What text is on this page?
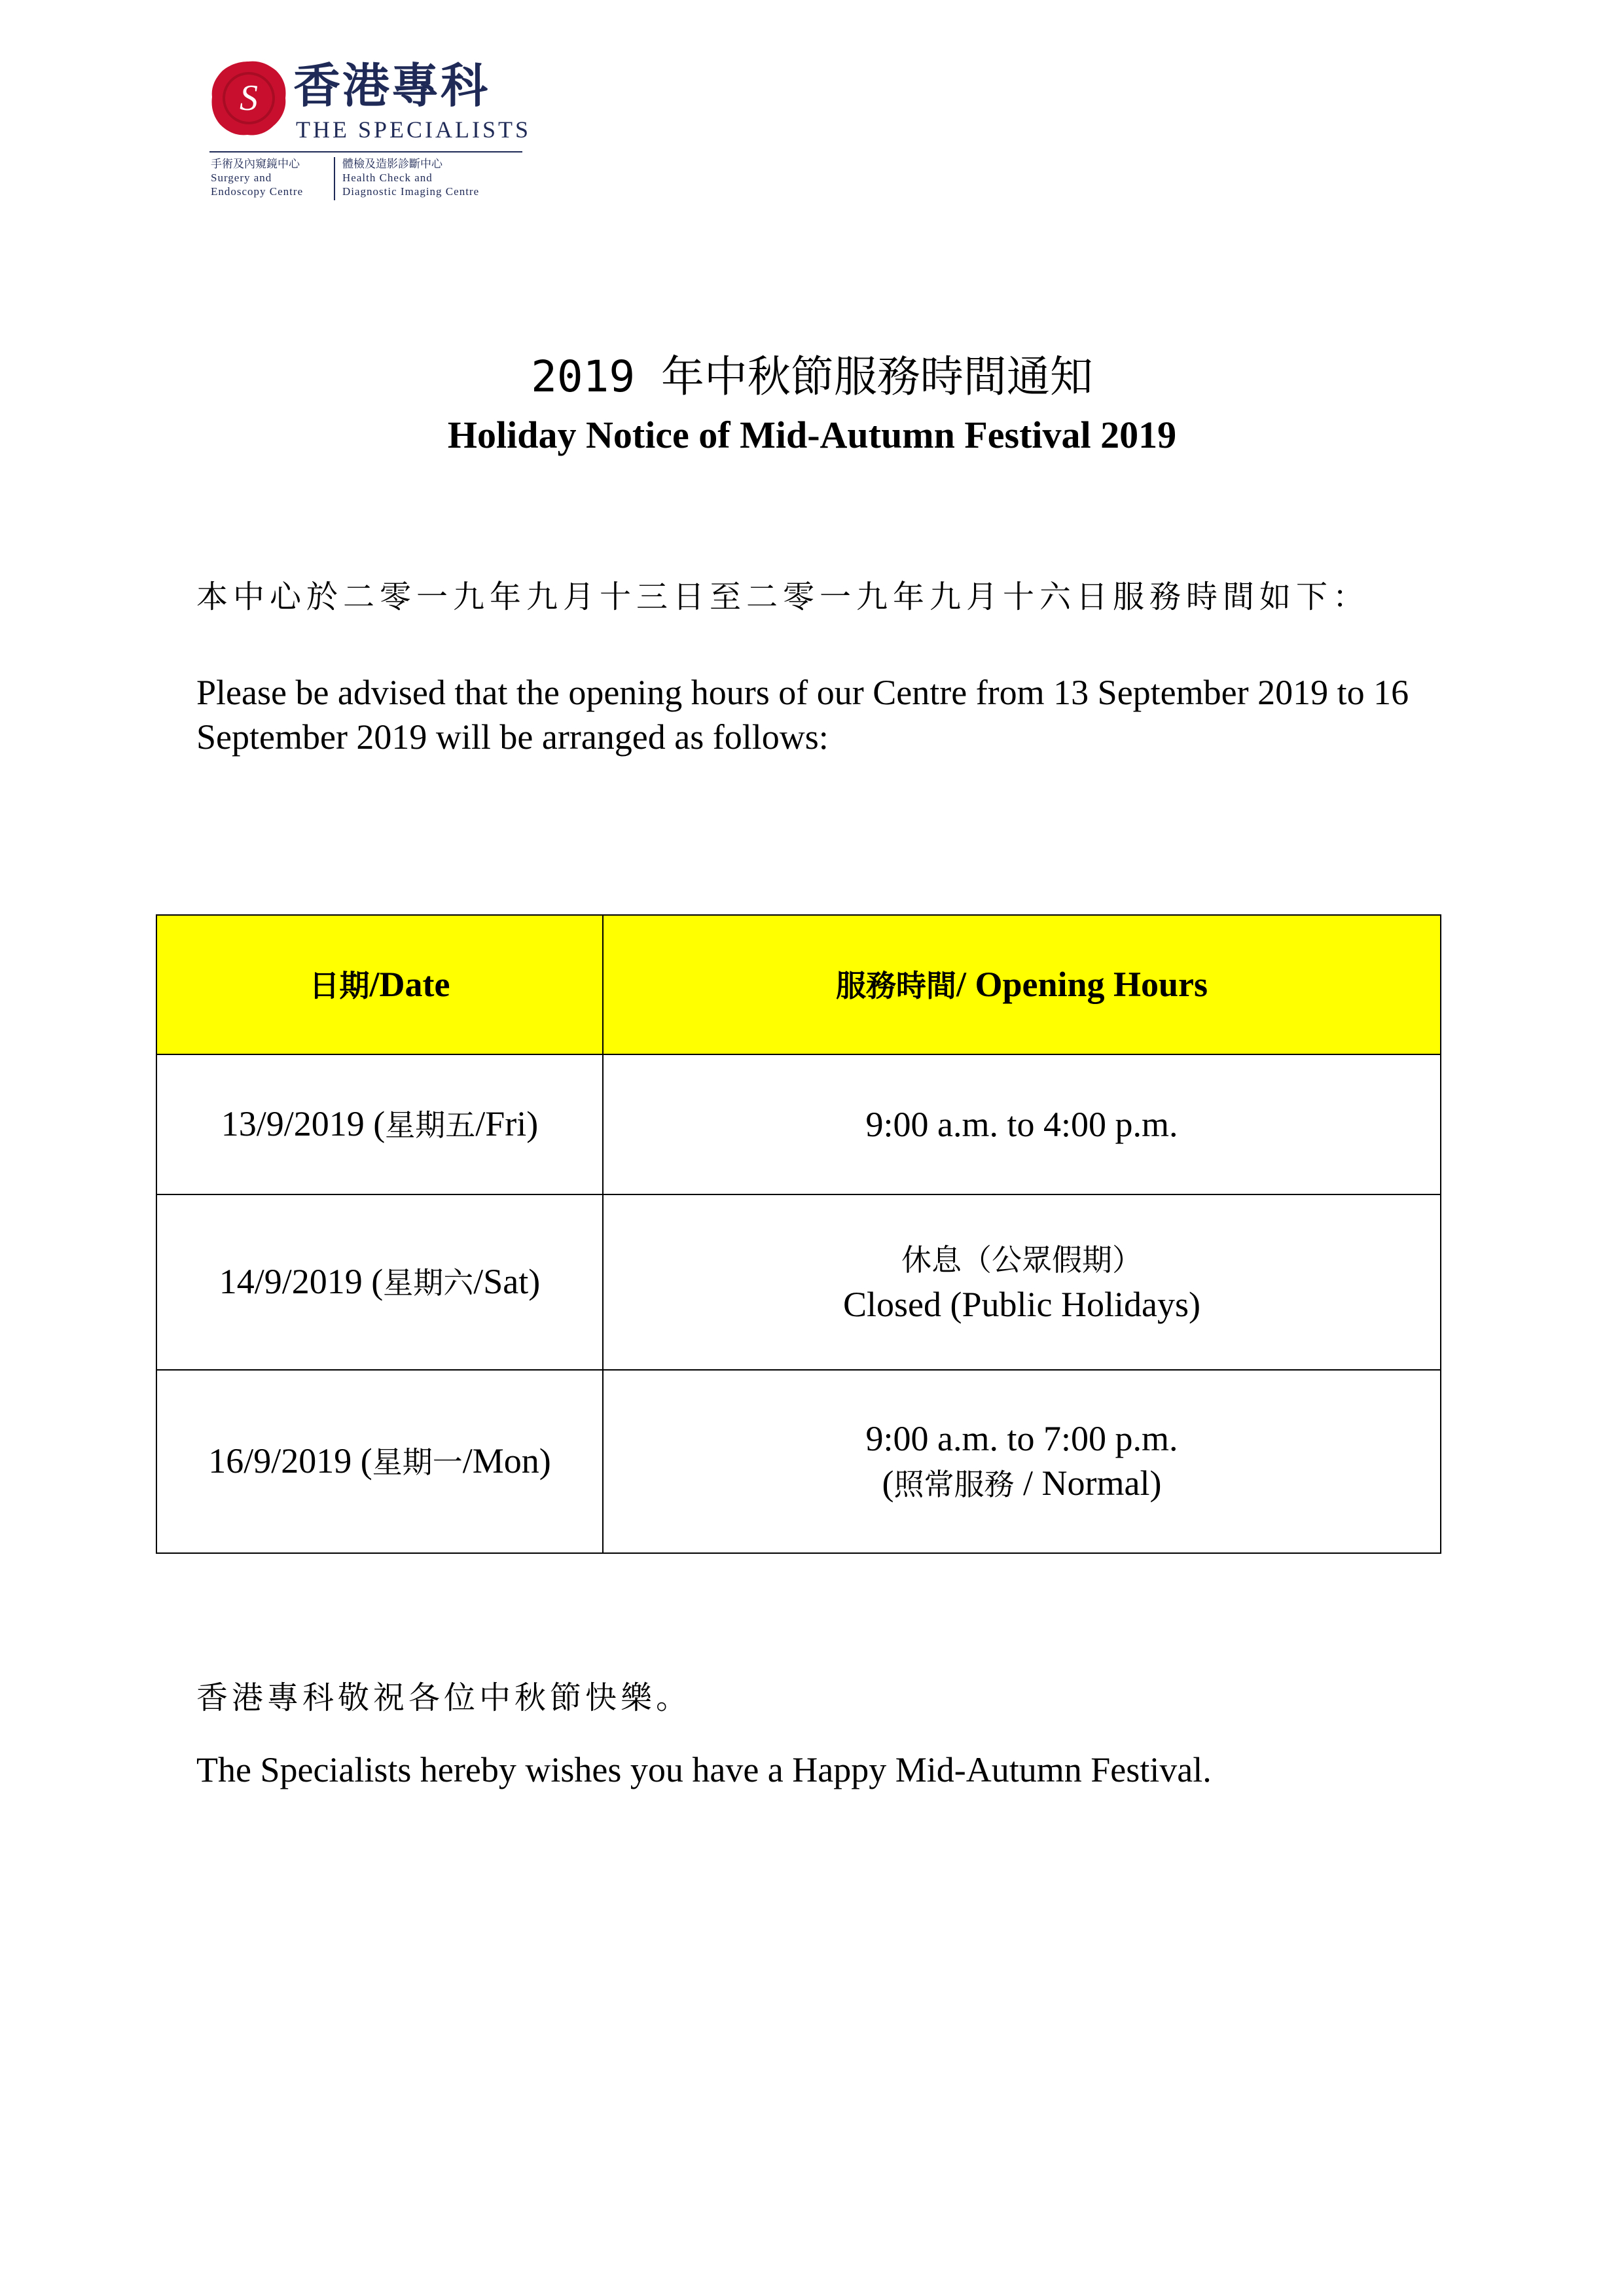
S 香港專科
THE SPECIALISTS
手術及內窺鏡中心
Surgery and
Endoscopy Centre
體檢及造影診斷中心
Health Check and
Diagnostic Imaging Centre
2019 年中秋節服務時間通知
Holiday Notice of Mid-Autumn Festival 2019
本中心於二零一九年九月十三日至二零一九年九月十六日服務時間如下：
Please be advised that the opening hours of our Centre from 13 September 2019 to 16 September 2019 will be arranged as follows:
日期/Date	服務時間/ Opening Hours
13/9/2019 (星期五/Fri)	9:00 a.m. to 4:00 p.m.

14/9/2019 (星期六/Sat)	休息（公眾假期）
Closed (Public Holidays)

16/9/2019 (星期一/Mon)	9:00 a.m. to 7:00 p.m.
(照常服務 / Normal)
香港專科敬祝各位中秋節快樂。
The Specialists hereby wishes you have a Happy Mid-Autumn Festival.
